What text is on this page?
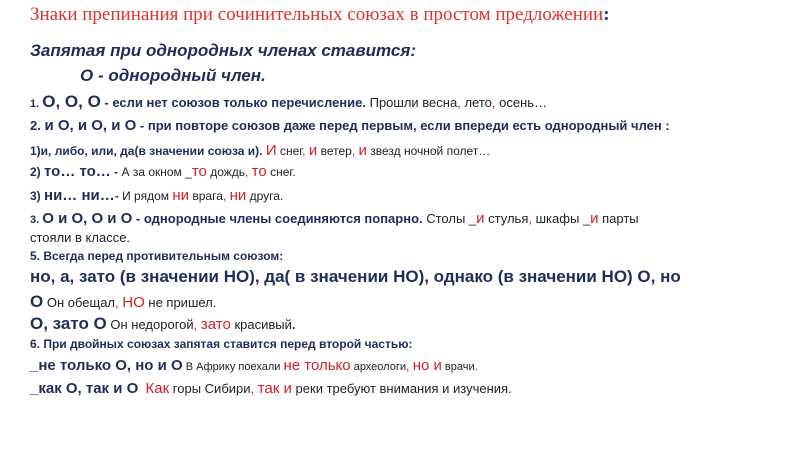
Знаки препинания при сочинительных союзах в простом предложении:
Запятая при однородных членах ставится:
О - однородный член.
1. О, О, О - если нет союзов только перечисление. Прошли весна, лето, осень…
2. и О, и О, и О - при повторе союзов даже перед первым, если впереди есть однородный член :
1)и, либо, или, да(в значении союза и). И снег, и ветер, и звезд ночной полет…
2) то… то… - А за окном _то дождь, то снег.
3) ни… ни…- И рядом ни врага, ни друга.
3. О и О, О и О - однородные члены соединяются попарно. Столы _и стулья, шкафы _и парты
стояли в классе.
5. Всегда перед противительным союзом:
но, а, зато (в значении НО), да( в значении НО), однако (в значении НО) О, но
О Он обещал, НО не пришел.
О, зато О Он недорогой, зато красивый.
6. При двойных союзах запятая ставится перед второй частью:
_не только О, но и О В Африку поехали не только археологи, но и врачи.
_как О, так и О Как горы Сибири, так и реки требуют внимания и изучения.
